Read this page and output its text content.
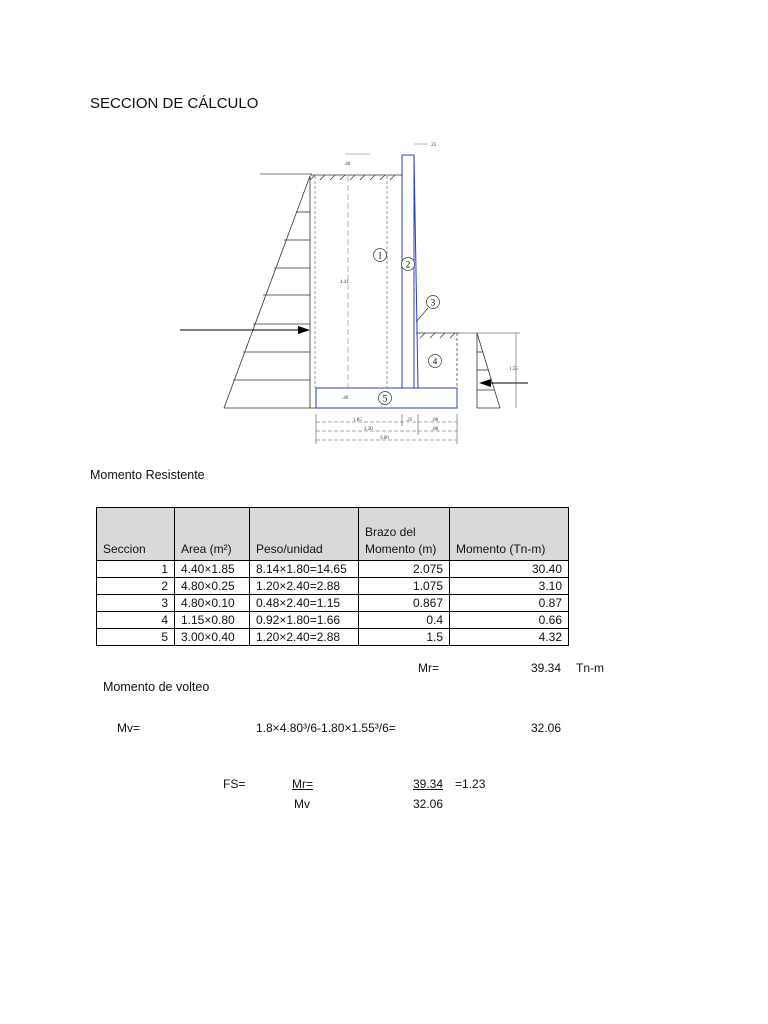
SECCION DE CÁLCULO
.25
.40
4.41
1.55
.40
1.85	.25	.80
2.20	.80
3.00
1
2
3
4
5
Momento Resistente
Seccion	Area (m²)	Peso/unidad	Brazo del Momento (m)	Momento (Tn-m)
1	4.40×1.85	8.14×1.80=14.65	2.075	30.40
2	4.80×0.25	1.20×2.40=2.88	1.075	3.10
3	4.80×0.10	0.48×2.40=1.15	0.867	0.87
4	1.15×0.80	0.92×1.80=1.66	0.4	0.66
5	3.00×0.40	1.20×2.40=2.88	1.5	4.32
Mr=	39.34 Tn-m
Momento de volteo
Mv=	1.8×4.80³/6-1.80×1.55³/6=	32.06
FS=	Mr=
Mv
39.34
32.06
=1.23
